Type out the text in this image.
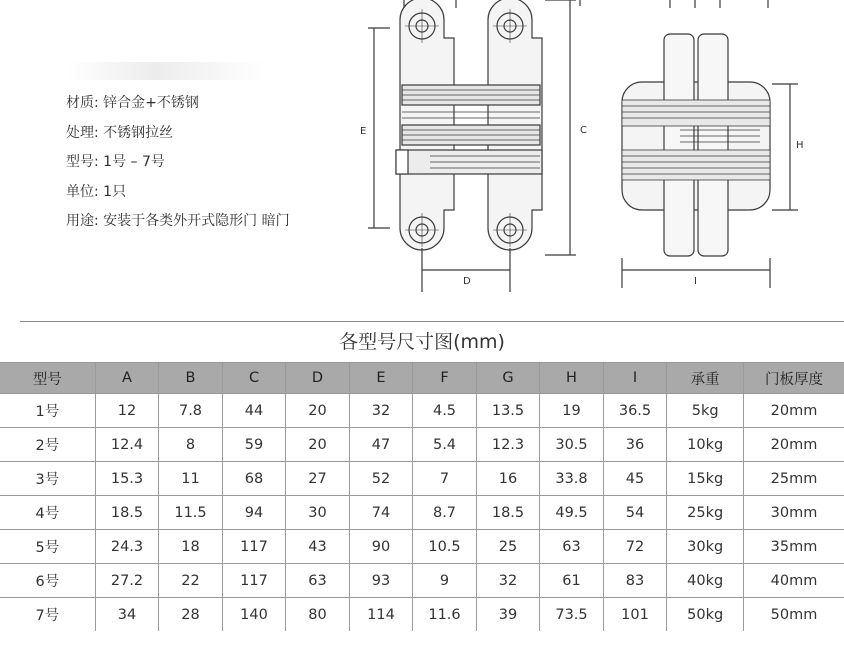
材质: 锌合金+不锈钢
处理: 不锈钢拉丝
型号: 1号 – 7号
单位: 1只
用途: 安装于各类外开式隐形门 暗门
E	C
D
H
I
各型号尺寸图(mm)
型号	A	B	C	D	E	F	G	H	I	承重	门板厚度
1号	12	7.8	44	20	32	4.5	13.5	19	36.5	5kg	20mm
2号	12.4	8	59	20	47	5.4	12.3	30.5	36	10kg	20mm
3号	15.3	11	68	27	52	7	16	33.8	45	15kg	25mm
4号	18.5	11.5	94	30	74	8.7	18.5	49.5	54	25kg	30mm
5号	24.3	18	117	43	90	10.5	25	63	72	30kg	35mm
6号	27.2	22	117	63	93	9	32	61	83	40kg	40mm
7号	34	28	140	80	114	11.6	39	73.5	101	50kg	50mm
